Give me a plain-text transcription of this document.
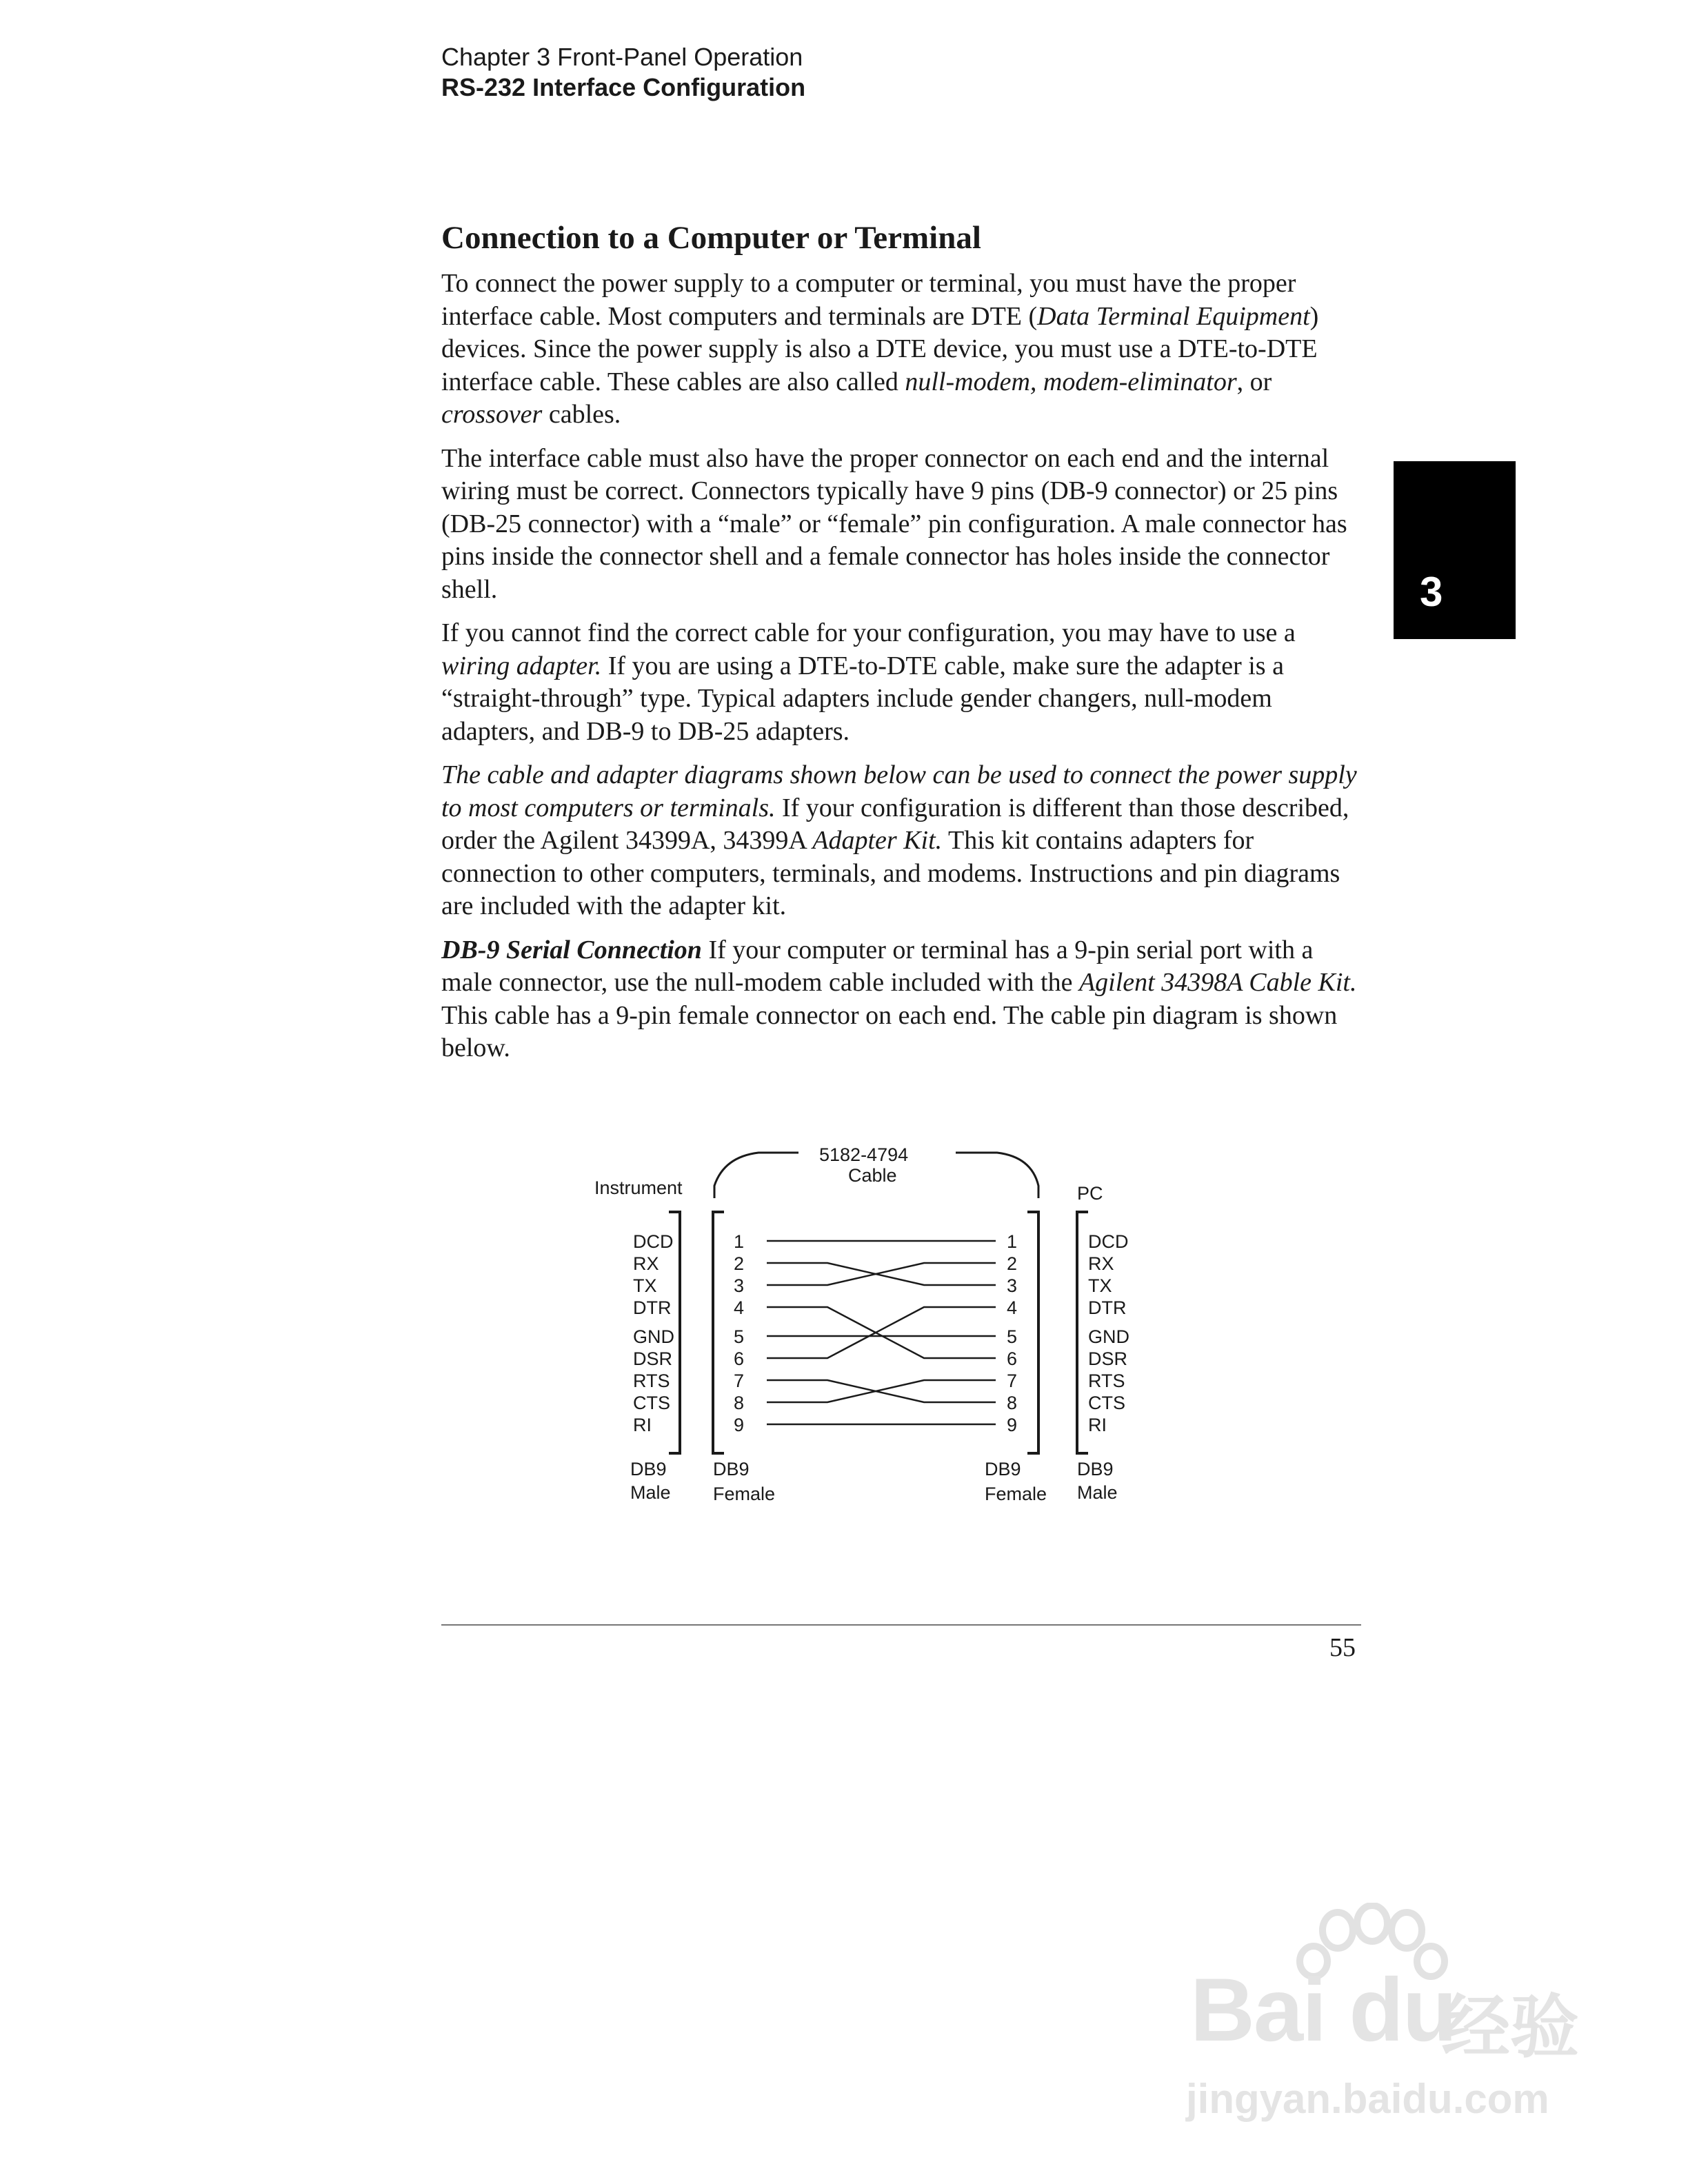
Chapter 3 Front-Panel Operation
RS-232 Interface Configuration
Connection to a Computer or Terminal

To connect the power supply to a computer or terminal, you must have the proper interface cable. Most computers and terminals are DTE (Data Terminal Equipment) devices. Since the power supply is also a DTE device, you must use a DTE-to-DTE interface cable. These cables are also called null-modem, modem-eliminator, or crossover cables.

The interface cable must also have the proper connector on each end and the internal wiring must be correct. Connectors typically have 9 pins (DB-9 connector) or 25 pins (DB-25 connector) with a “male” or “female” pin configuration. A male connector has pins inside the connector shell and a female connector has holes inside the connector shell.

If you cannot find the correct cable for your configuration, you may have to use a wiring adapter. If you are using a DTE-to-DTE cable, make sure the adapter is a “straight-through” type. Typical adapters include gender changers, null-modem adapters, and DB-9 to DB-25 adapters.

The cable and adapter diagrams shown below can be used to connect the power supply to most computers or terminals. If your configuration is different than those described, order the Agilent 34399A, 34399A Adapter Kit. This kit contains adapters for connection to other computers, terminals, and modems. Instructions and pin diagrams are included with the adapter kit.

DB-9 Serial Connection If your computer or terminal has a 9-pin serial port with a male connector, use the null-modem cable included with the Agilent 34398A Cable Kit. This cable has a 9-pin female connector on each end. The cable pin diagram is shown below.

3
5182-4794
Cable
Instrument	PC
DCD
RX
TX
DTR
GND
DSR
RTS
CTS
RI
DCD
RX
TX
DTR
GND
DSR
RTS
CTS
RI
1
2
3
4
5
6
7
8
9
1
2
3
4
5
6
7
8
9
DB9
Male
DB9
Female
DB9
Female
DB9
Male
55
Bai du
经验
jingyan.baidu.com
